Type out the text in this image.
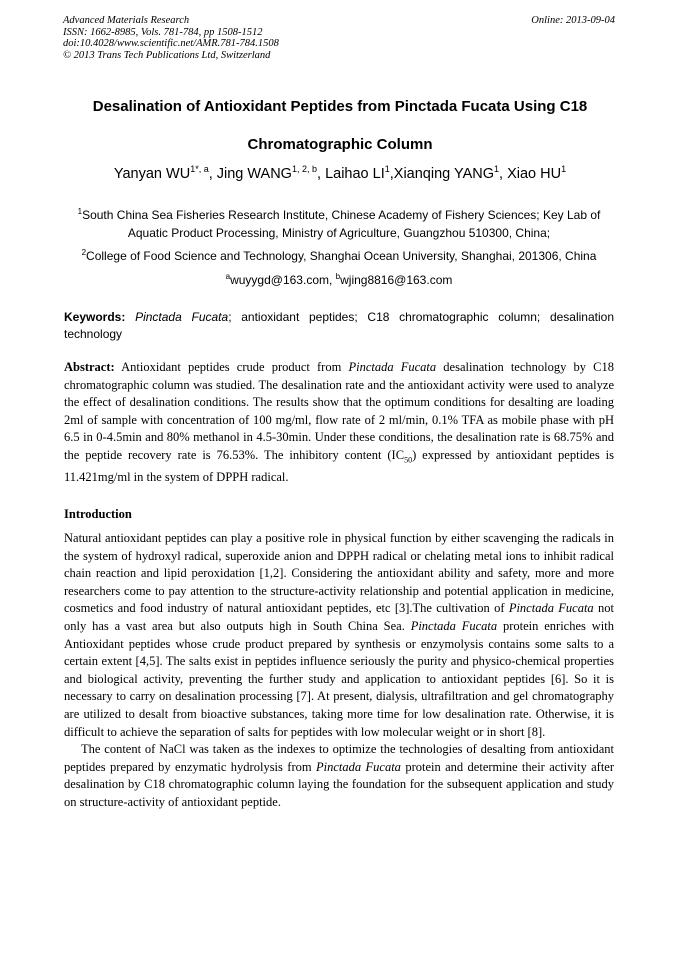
Advanced Materials Research
ISSN: 1662-8985, Vols. 781-784, pp 1508-1512
doi:10.4028/www.scientific.net/AMR.781-784.1508
© 2013 Trans Tech Publications Ltd, Switzerland
Online: 2013-09-04
Desalination of Antioxidant Peptides from Pinctada Fucata Using C18
Chromatographic Column
Yanyan $WU^{1*, a}$, Jing WANG$^{1, 2, b}$, Laihao $LI^1,Xianqing$ YANG$^1$, Xiao $HU^1$
$^1$South China Sea Fisheries Research Institute, Chinese Academy of Fishery Sciences; Key Lab of Aquatic Product Processing, Ministry of Agriculture, Guangzhou 510300, China;
$^2$College of Food Science and Technology, Shanghai Ocean University, Shanghai, 201306, China
$^a$wuyygd@163.com, $^b$wjing8816@163.com
Keywords: Pinctada Fucata; antioxidant peptides; C18 chromatographic column; desalination technology
Abstract: Antioxidant peptides crude product from Pinctada Fucata desalination technology by C18 chromatographic column was studied. The desalination rate and the antioxidant activity were used to analyze the effect of desalination conditions. The results show that the optimum conditions for desalting are loading 2ml of sample with concentration of 100 mg/ml, flow rate of 2 ml/min, 0.1% TFA as mobile phase with pH 6.5 in 0-4.5min and 80% methanol in 4.5-30min. Under these conditions, the desalination rate is 68.75% and the peptide recovery rate is 76.53%. The inhibitory content $(IC_{50})$ expressed by antioxidant peptides is 11.421mg/ml in the system of DPPH radical.
Introduction

Natural antioxidant peptides can play a positive role in physical function by either scavenging the radicals in the system of hydroxyl radical, superoxide anion and DPPH radical or chelating metal ions to inhibit radical chain reaction and lipid peroxidation [1,2]. Considering the antioxidant ability and safety, more and more researchers come to pay attention to the structure-activity relationship and potential application in medicine, cosmetics and food industry of natural antioxidant peptides, etc [3].The cultivation of Pinctada Fucata not only has a vast area but also outputs high in South China Sea. Pinctada Fucata protein enriches with Antioxidant peptides whose crude product prepared by synthesis or enzymolysis contains some salts to a certain extent [4,5]. The salts exist in peptides influence seriously the purity and physico-chemical properties and biological activity, preventing the further study and application to antioxidant peptides [6]. So it is necessary to carry on desalination processing [7]. At present, dialysis, ultrafiltration and gel chromatography are utilized to desalt from bioactive substances, taking more time for low desalination rate. Otherwise, it is difficult to achieve the separation of salts for peptides with low molecular weight or in short [8].

The content of NaCl was taken as the indexes to optimize the technologies of desalting from antioxidant peptides prepared by enzymatic hydrolysis from Pinctada Fucata protein and determine their activity after desalination by C18 chromatographic column laying the foundation for the subsequent application and study on structure-activity of antioxidant peptide.
